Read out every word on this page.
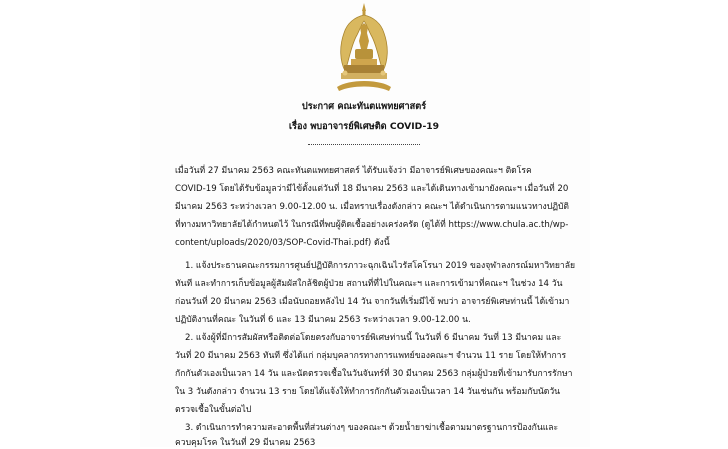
ประกาศ คณะทันตแพทยศาสตร์
เรื่อง พบอาจารย์พิเศษติด COVID-19
เมื่อวันที่ 27 มีนาคม 2563 คณะทันตแพทยศาสตร์ ได้รับแจ้งว่า มีอาจารย์พิเศษของคณะฯ ติดโรค
COVID-19 โดยได้รับข้อมูลว่ามีไข้ตั้งแต่วันที่ 18 มีนาคม 2563 และได้เดินทางเข้ามายังคณะฯ เมื่อวันที่ 20
มีนาคม 2563 ระหว่างเวลา 9.00-12.00 น. เมื่อทราบเรื่องดังกล่าว คณะฯ ได้ดำเนินการตามแนวทางปฏิบัติ
ที่ทางมหาวิทยาลัยได้กำหนดไว้ ในกรณีที่พบผู้ติดเชื้ออย่างเคร่งครัด (ดูได้ที่ https://www.chula.ac.th/wp-
content/uploads/2020/03/SOP-Covid-Thai.pdf) ดังนี้
1. แจ้งประธานคณะกรรมการศูนย์ปฏิบัติการภาวะฉุกเฉินไวรัสโคโรนา 2019 ของจุฬาลงกรณ์มหาวิทยาลัย
ทันที และทำการเก็บข้อมูลผู้สัมผัสใกล้ชิดผู้ป่วย สถานที่ที่ไปในคณะฯ และการเข้ามาที่คณะฯ ในช่วง 14 วัน
ก่อนวันที่ 20 มีนาคม 2563 เมื่อนับถอยหลังไป 14 วัน จากวันที่เริ่มมีไข้ พบว่า อาจารย์พิเศษท่านนี้ ได้เข้ามา
ปฏิบัติงานที่คณะ ในวันที่ 6 และ 13 มีนาคม 2563 ระหว่างเวลา 9.00-12.00 น.
2. แจ้งผู้ที่มีการสัมผัสหรือติดต่อโดยตรงกับอาจารย์พิเศษท่านนี้ ในวันที่ 6 มีนาคม วันที่ 13 มีนาคม และ
วันที่ 20 มีนาคม 2563 ทันที ซึ่งได้แก่ กลุ่มบุคลากรทางการแพทย์ของคณะฯ จำนวน 11 ราย โดยให้ทำการ
กักกันตัวเองเป็นเวลา 14 วัน และนัดตรวจเชื้อในวันจันทร์ที่ 30 มีนาคม 2563 กลุ่มผู้ป่วยที่เข้ามารับการรักษา
ใน 3 วันดังกล่าว จำนวน 13 ราย โดยได้แจ้งให้ทำการกักกันตัวเองเป็นเวลา 14 วันเช่นกัน พร้อมกับนัดวัน
ตรวจเชื้อในขั้นต่อไป
3. ดำเนินการทำความสะอาดพื้นที่ส่วนต่างๆ ของคณะฯ ด้วยน้ำยาฆ่าเชื้อตามมาตรฐานการป้องกันและ
ควบคุมโรค ในวันที่ 29 มีนาคม 2563
